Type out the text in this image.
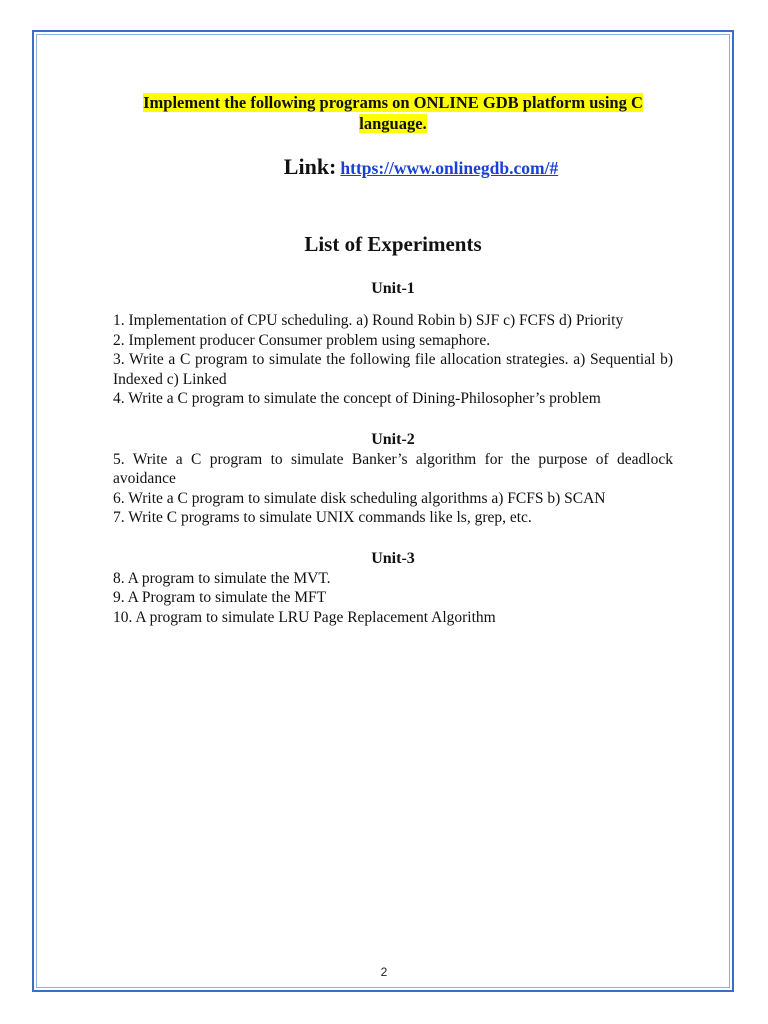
Implement the following programs on ONLINE GDB platform using C
language.
Link: https://www.onlinegdb.com/#
List of Experiments
Unit-1
1. Implementation of CPU scheduling. a) Round Robin b) SJF c) FCFS d) Priority
2. Implement producer Consumer problem using semaphore.
3. Write a C program to simulate the following file allocation strategies. a) Sequential b) Indexed c) Linked
4. Write a C program to simulate the concept of Dining-Philosopher’s problem
Unit-2
5. Write a C program to simulate Banker’s algorithm for the purpose of deadlock avoidance
6. Write a C program to simulate disk scheduling algorithms a) FCFS b) SCAN
7. Write C programs to simulate UNIX commands like ls, grep, etc.
Unit-3
8. A program to simulate the MVT.
9. A Program to simulate the MFT
10. A program to simulate LRU Page Replacement Algorithm
2
